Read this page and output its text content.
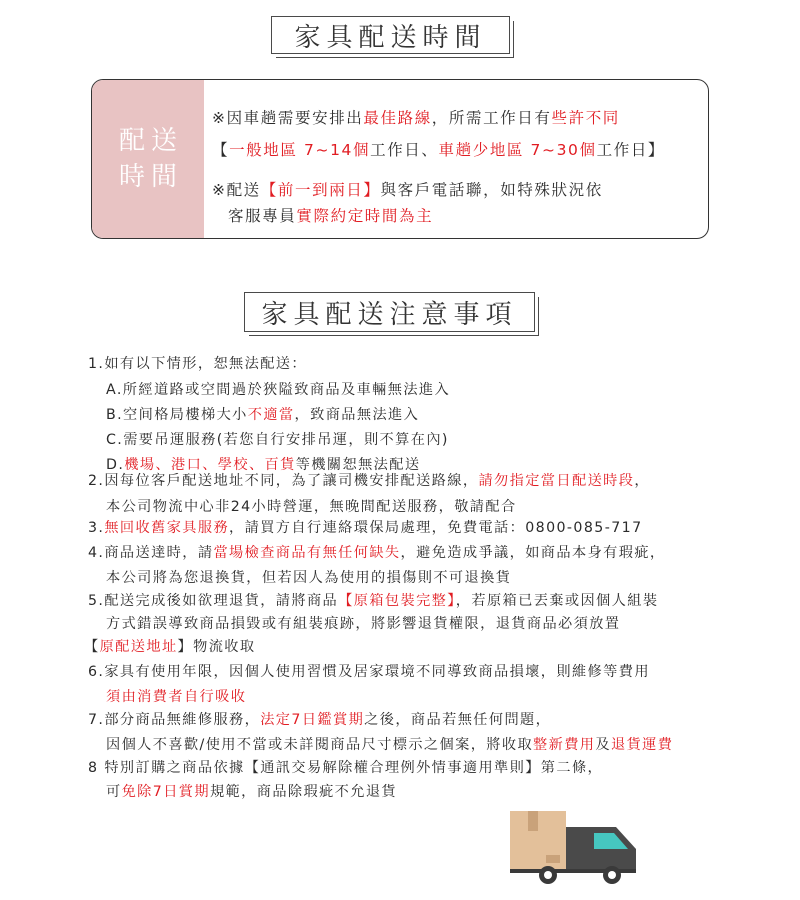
家具配送時間
配送
時間
※因車趟需要安排出最佳路線，所需工作日有些許不同
【一般地區 7~14個工作日、車趟少地區 7~30個工作日】
※配送【前一到兩日】與客戶電話聯，如特殊狀況依
客服專員實際約定時間為主
家具配送注意事項
1.如有以下情形，恕無法配送：
A.所經道路或空間過於狹隘致商品及車輛無法進入
B.空间格局樓梯大小不適當，致商品無法進入
C.需要吊運服務(若您自行安排吊運，則不算在內)
D.機場、港口、學校、百貨等機關恕無法配送
2.因每位客戶配送地址不同，為了讓司機安排配送路線，請勿指定當日配送時段，
本公司物流中心非24小時營運，無晚間配送服務，敬請配合
3.無回收舊家具服務，請買方自行連絡環保局處理，免費電話：0800-085-717
4.商品送達時，請當場檢查商品有無任何缺失，避免造成爭議，如商品本身有瑕疵，
本公司將為您退換貨，但若因人為使用的損傷則不可退換貨
5.配送完成後如欲理退貨，請將商品【原箱包裝完整】，若原箱已丟棄或因個人組裝
方式錯誤導致商品損毀或有組裝痕跡，將影響退貨權限，退貨商品必須放置
【原配送地址】物流收取
6.家具有使用年限，因個人使用習慣及居家環境不同導致商品損壞，則維修等費用
須由消費者自行吸收
7.部分商品無維修服務，法定7日鑑賞期之後，商品若無任何問題，
因個人不喜歡/使用不當或未詳閱商品尺寸標示之個案，將收取整新費用及退貨運費
8 特別訂購之商品依據【通訊交易解除權合理例外情事適用準則】第二條，
可免除7日賞期規範，商品除瑕疵不允退貨
